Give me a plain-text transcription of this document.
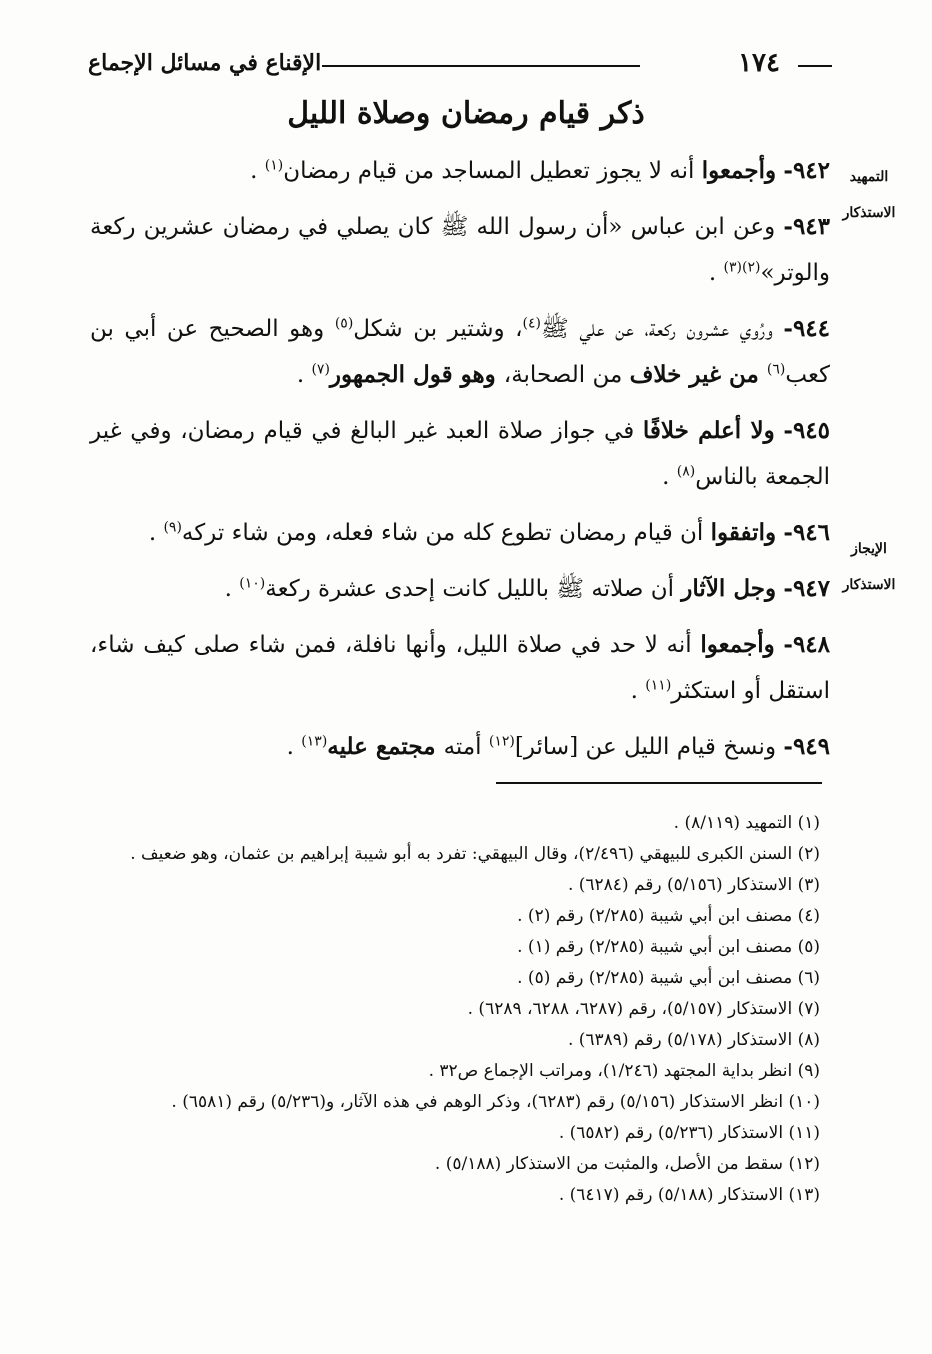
١٧٤
الإقناع في مسائل الإجماع
ذكر قيام رمضان وصلاة الليل
التمهيد
الاستذكار
الإيجاز
الاستذكار

٩٤٢- وأجمعوا أنه لا يجوز تعطيل المساجد من قيام رمضان$^{(١)}$ .

٩٤٣- وعن ابن عباس «أن رسول الله ﷺ كان يصلي في رمضان عشرين ركعة والوتر»$^{(٢)(٣)}$ .

٩٤٤- ورُوي عشرون ركعة، عن علي ﷺ$^{(٤)}$، وشتير بن شكل$^{(٥)}$ وهو الصحيح عن أبي بن كعب$^{(٦)}$ من غير خلاف من الصحابة، وهو قول الجمهور$^{(٧)}$ .

٩٤٥- ولا أعلم خلافًا في جواز صلاة العبد غير البالغ في قيام رمضان، وفي غير الجمعة بالناس$^{(٨)}$ .

٩٤٦- واتفقوا أن قيام رمضان تطوع كله من شاء فعله، ومن شاء تركه$^{(٩)}$ .

٩٤٧- وجل الآثار أن صلاته ﷺ بالليل كانت إحدى عشرة ركعة$^{(١٠)}$ .

٩٤٨- وأجمعوا أنه لا حد في صلاة الليل، وأنها نافلة، فمن شاء صلى كيف شاء، استقل أو استكثر$^{(١١)}$ .

٩٤٩- ونسخ قيام الليل عن [سائر]$^{(١٢)}$ أمته مجتمع عليه$^{(١٣)}$ .

(١) التمهيد (٨/١١٩) .
(٢) السنن الكبرى للبيهقي (٢/٤٩٦)، وقال البيهقي: تفرد به أبو شيبة إبراهيم بن عثمان، وهو ضعيف .
(٣) الاستذكار (٥/١٥٦) رقم (٦٢٨٤) .
(٤) مصنف ابن أبي شيبة (٢/٢٨٥) رقم (٢) .
(٥) مصنف ابن أبي شيبة (٢/٢٨٥) رقم (١) .
(٦) مصنف ابن أبي شيبة (٢/٢٨٥) رقم (٥) .
(٧) الاستذكار (٥/١٥٧)، رقم (٦٢٨٧، ٦٢٨٨، ٦٢٨٩) .
(٨) الاستذكار (٥/١٧٨) رقم (٦٣٨٩) .
(٩) انظر بداية المجتهد (١/٢٤٦)، ومراتب الإجماع ص٣٢ .
(١٠) انظر الاستذكار (٥/١٥٦) رقم (٦٢٨٣)، وذكر الوهم في هذه الآثار، و(٥/٢٣٦) رقم (٦٥٨١) .
(١١) الاستذكار (٥/٢٣٦) رقم (٦٥٨٢) .
(١٢) سقط من الأصل، والمثبت من الاستذكار (٥/١٨٨) .
(١٣) الاستذكار (٥/١٨٨) رقم (٦٤١٧) .
